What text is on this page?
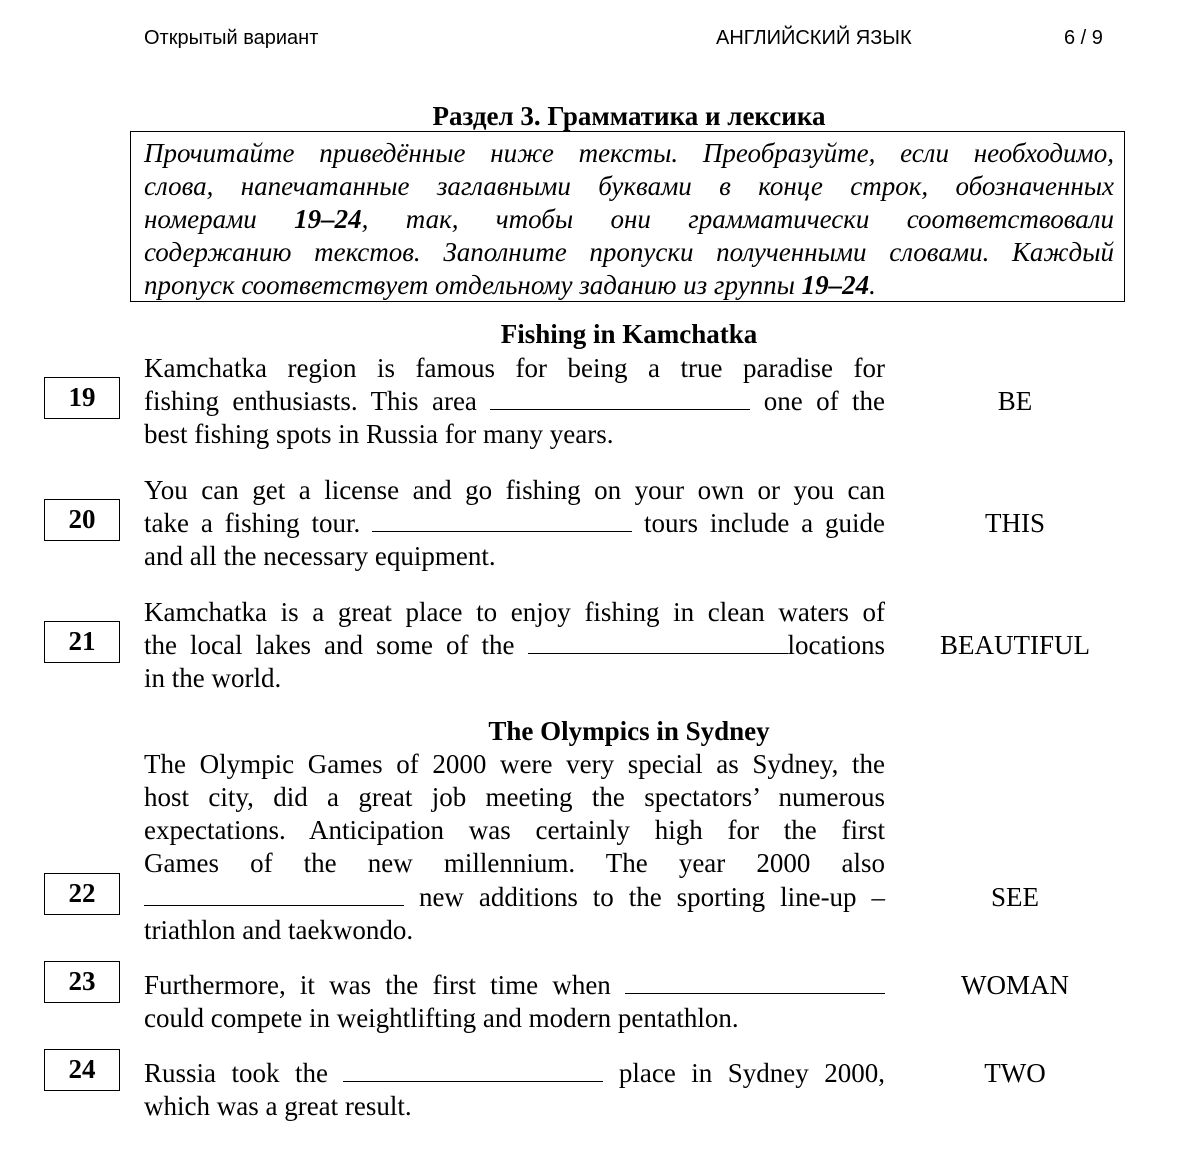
Открытый вариант	АНГЛИЙСКИЙ ЯЗЫК	6 / 9
Раздел 3. Грамматика и лексика
Прочитайте приведённые ниже тексты. Преобразуйте, если необходимо,
слова, напечатанные заглавными буквами в конце строк, обозначенных
номерами 19–24, так, чтобы они грамматически соответствовали
содержанию текстов. Заполните пропуски полученными словами. Каждый
пропуск соответствует отдельному заданию из группы 19–24.
Fishing in Kamchatka
19
Kamchatka region is famous for being a true paradise for
fishing enthusiasts. This area	one of the
best fishing spots in Russia for many years.
BE
20
You can get a license and go fishing on your own or you can
take a fishing tour.	tours include a guide
and all the necessary equipment.
THIS
21
Kamchatka is a great place to enjoy fishing in clean waters of
the local lakes and some of the	locations
in the world.
BEAUTIFUL
The Olympics in Sydney
The Olympic Games of 2000 were very special as Sydney, the
host city, did a great job meeting the spectators’ numerous
expectations. Anticipation was certainly high for the first
Games of the new millennium. The year 2000 also
22	new additions to the sporting line-up –
triathlon and taekwondo.
SEE
23	Furthermore, it was the first time when
could compete in weightlifting and modern pentathlon.
WOMAN
24	Russia took the	place in Sydney 2000,
which was a great result.
TWO
